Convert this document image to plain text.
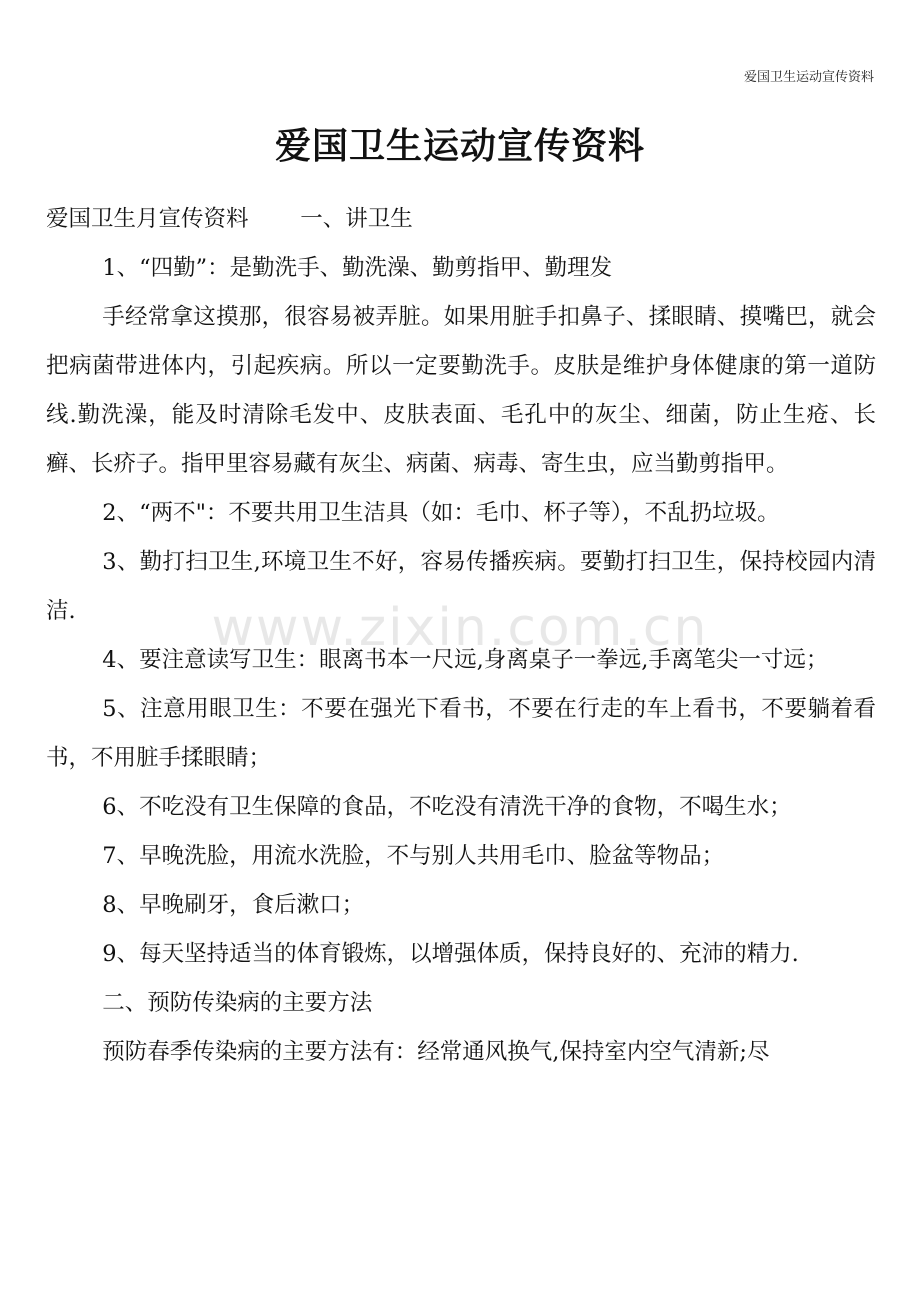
爱国卫生运动宣传资料
爱国卫生运动宣传资料

爱国卫生月宣传资料 一、讲卫生

1、“四勤”：是勤洗手、勤洗澡、勤剪指甲、勤理发

手经常拿这摸那，很容易被弄脏。如果用脏手扣鼻子、揉眼睛、摸嘴巴，就会把病菌带进体内，引起疾病。所以一定要勤洗手。皮肤是维护身体健康的第一道防线.勤洗澡，能及时清除毛发中、皮肤表面、毛孔中的灰尘、细菌，防止生疮、长癣、长疥子。指甲里容易藏有灰尘、病菌、病毒、寄生虫，应当勤剪指甲。

2、“两不"：不要共用卫生洁具（如：毛巾、杯子等），不乱扔垃圾。

3、勤打扫卫生,环境卫生不好，容易传播疾病。要勤打扫卫生，保持校园内清洁.

4、要注意读写卫生：眼离书本一尺远,身离桌子一拳远,手离笔尖一寸远；

5、注意用眼卫生：不要在强光下看书，不要在行走的车上看书，不要躺着看书，不用脏手揉眼睛；

6、不吃没有卫生保障的食品，不吃没有清洗干净的食物，不喝生水；

7、早晚洗脸，用流水洗脸，不与别人共用毛巾、脸盆等物品；

8、早晚刷牙，食后漱口；

9、每天坚持适当的体育锻炼，以增强体质，保持良好的、充沛的精力.

二、预防传染病的主要方法

预防春季传染病的主要方法有：经常通风换气,保持室内空气清新;尽

www.zixin.com.cn
